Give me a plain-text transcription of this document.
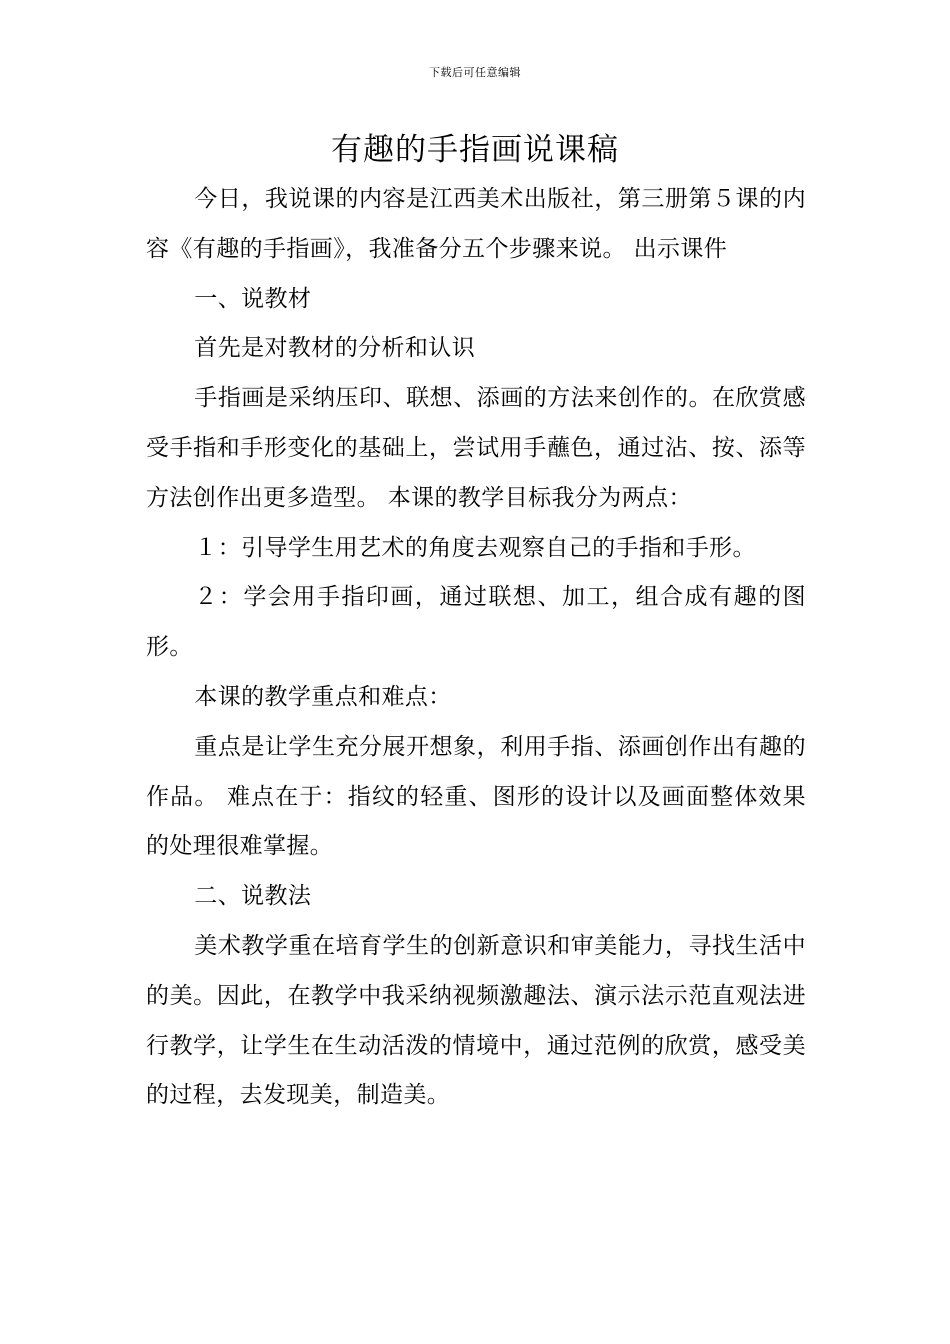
下载后可任意编辑
有趣的手指画说课稿

今日，我说课的内容是江西美术出版社，第三册第５课的内容《有趣的手指画》，我准备分五个步骤来说。 出示课件

一、说教材

首先是对教材的分析和认识

手指画是采纳压印、联想、添画的方法来创作的。在欣赏感受手指和手形变化的基础上，尝试用手蘸色，通过沾、按、添等方法创作出更多造型。 本课的教学目标我分为两点：

１：引导学生用艺术的角度去观察自己的手指和手形。

２：学会用手指印画，通过联想、加工，组合成有趣的图形。

本课的教学重点和难点：

重点是让学生充分展开想象，利用手指、添画创作出有趣的作品。 难点在于：指纹的轻重、图形的设计以及画面整体效果的处理很难掌握。

二、说教法

美术教学重在培育学生的创新意识和审美能力，寻找生活中的美。因此，在教学中我采纳视频激趣法、演示法示范直观法进行教学，让学生在生动活泼的情境中，通过范例的欣赏，感受美的过程，去发现美，制造美。
